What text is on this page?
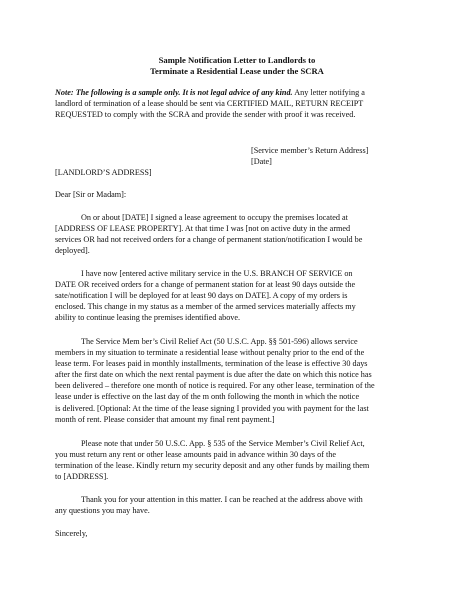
Sample Notification Letter to Landlords to
Terminate a Residential Lease under the SCRA
Note: The following is a sample only. It is not legal advice of any kind. Any letter notifying a
landlord of termination of a lease should be sent via CERTIFIED MAIL, RETURN RECEIPT
REQUESTED to comply with the SCRA and provide the sender with proof it was received.
[Service member’s Return Address]
[Date]
[LANDLORD’S ADDRESS]
Dear [Sir or Madam]:
On or about [DATE] I signed a lease agreement to occupy the premises located at
[ADDRESS OF LEASE PROPERTY]. At that time I was [not on active duty in the armed
services OR had not received orders for a change of permanent station/notification I would be
deployed].
I have now [entered active military service in the U.S. BRANCH OF SERVICE on
DATE OR received orders for a change of permanent station for at least 90 days outside the
sate/notification I will be deployed for at least 90 days on DATE]. A copy of my orders is
enclosed. This change in my status as a member of the armed services materially affects my
ability to continue leasing the premises identified above.
The Service Mem ber’s Civil Relief Act (50 U.S.C. App. §§ 501-596) allows service
members in my situation to terminate a residential lease without penalty prior to the end of the
lease term. For leases paid in monthly installments, termination of the lease is effective 30 days
after the first date on which the next rental payment is due after the date on which this notice has
been delivered – therefore one month of notice is required. For any other lease, termination of the
lease under is effective on the last day of the m onth following the month in which the notice
is delivered. [Optional: At the time of the lease signing I provided you with payment for the last
month of rent. Please consider that amount my final rent payment.]
Please note that under 50 U.S.C. App. § 535 of the Service Member’s Civil Relief Act,
you must return any rent or other lease amounts paid in advance within 30 days of the
termination of the lease. Kindly return my security deposit and any other funds by mailing them
to [ADDRESS].
Thank you for your attention in this matter. I can be reached at the address above with
any questions you may have.
Sincerely,
